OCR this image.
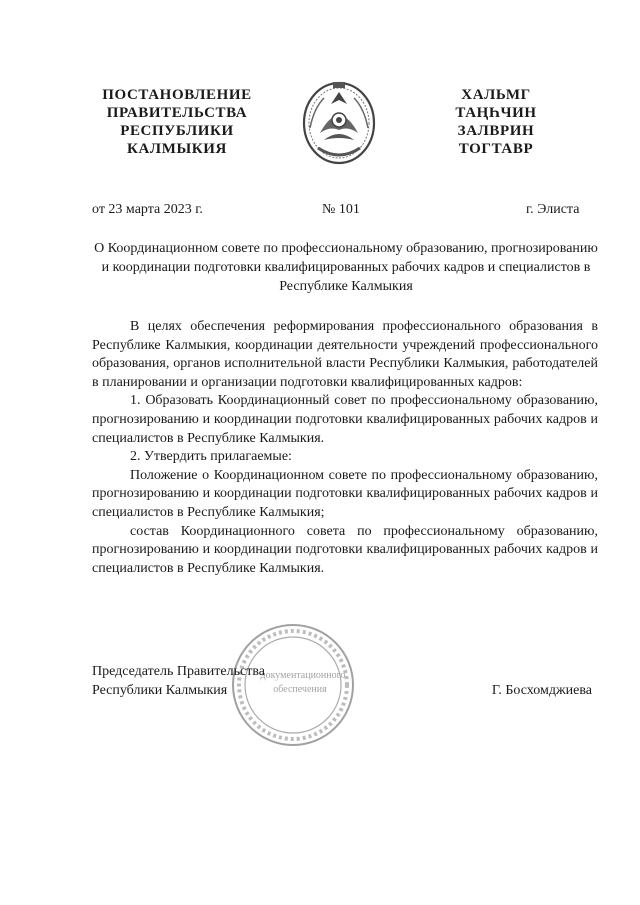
ПОСТАНОВЛЕНИЕ
ПРАВИТЕЛЬСТВА
РЕСПУБЛИКИ
КАЛМЫКИЯ
ХАЛЬМГ
ТАҢҺЧИН
ЗАЛВРИН
ТОГТАВР
от 23 марта 2023 г.	№ 101	г. Элиста
О Координационном совете по профессиональному образованию, прогнозированию и координации подготовки квалифицированных рабочих кадров и специалистов в Республике Калмыкия

В целях обеспечения реформирования профессионального образования в Республике Калмыкия, координации деятельности учреждений профессионального образования, органов исполнительной власти Республики Калмыкия, работодателей в планировании и организации подготовки квалифицированных кадров:

1. Образовать Координационный совет по профессиональному образованию, прогнозированию и координации подготовки квалифицированных рабочих кадров и специалистов в Республике Калмыкия.

2. Утвердить прилагаемые:

Положение о Координационном совете по профессиональному образованию, прогнозированию и координации подготовки квалифицированных рабочих кадров и специалистов в Республике Калмыкия;

состав Координационного совета по профессиональному образованию, прогнозированию и координации подготовки квалифицированных рабочих кадров и специалистов в Республике Калмыкия.

документационного
обеспечения
Председатель Правительства
Республики Калмыкия	Г. Босхомджиева
